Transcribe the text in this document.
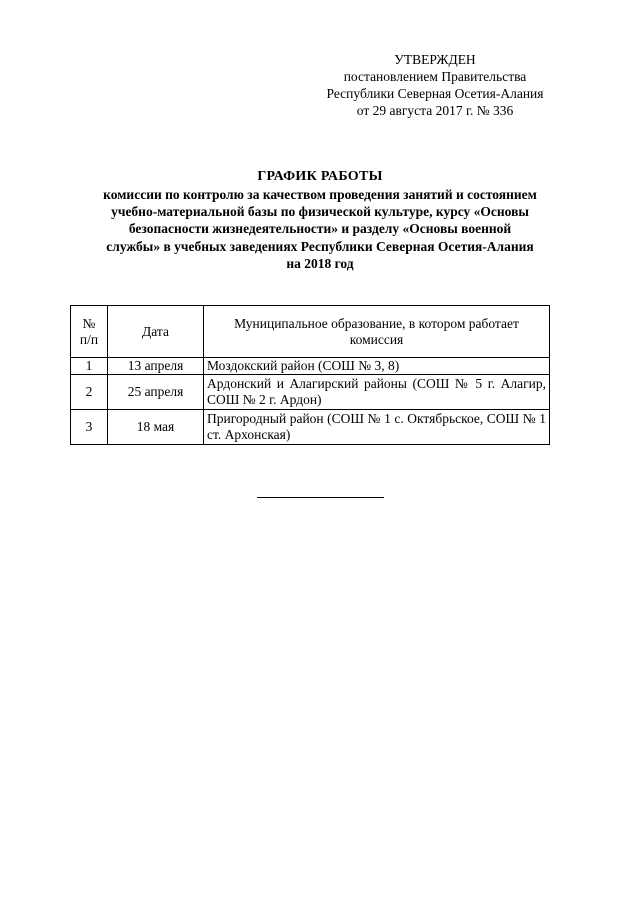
УТВЕРЖДЕН
постановлением Правительства
Республики Северная Осетия-Алания
от 29 августа 2017 г. № 336
ГРАФИК РАБОТЫ
комиссии по контролю за качеством проведения занятий и состоянием
учебно-материальной базы по физической культуре, курсу «Основы
безопасности жизнедеятельности» и разделу «Основы военной
службы» в учебных заведениях Республики Северная Осетия-Алания
на 2018 год
№
п/п	Дата	Муниципальное образование, в котором работает комиссия
1	13 апреля	Моздокский район (СОШ № 3, 8)
2	25 апреля	Ардонский и Алагирский районы (СОШ № 5 г. Алагир, СОШ № 2 г. Ардон)
3	18 мая	Пригородный район (СОШ № 1 с. Октябрьское, СОШ № 1 ст. Архонская)
